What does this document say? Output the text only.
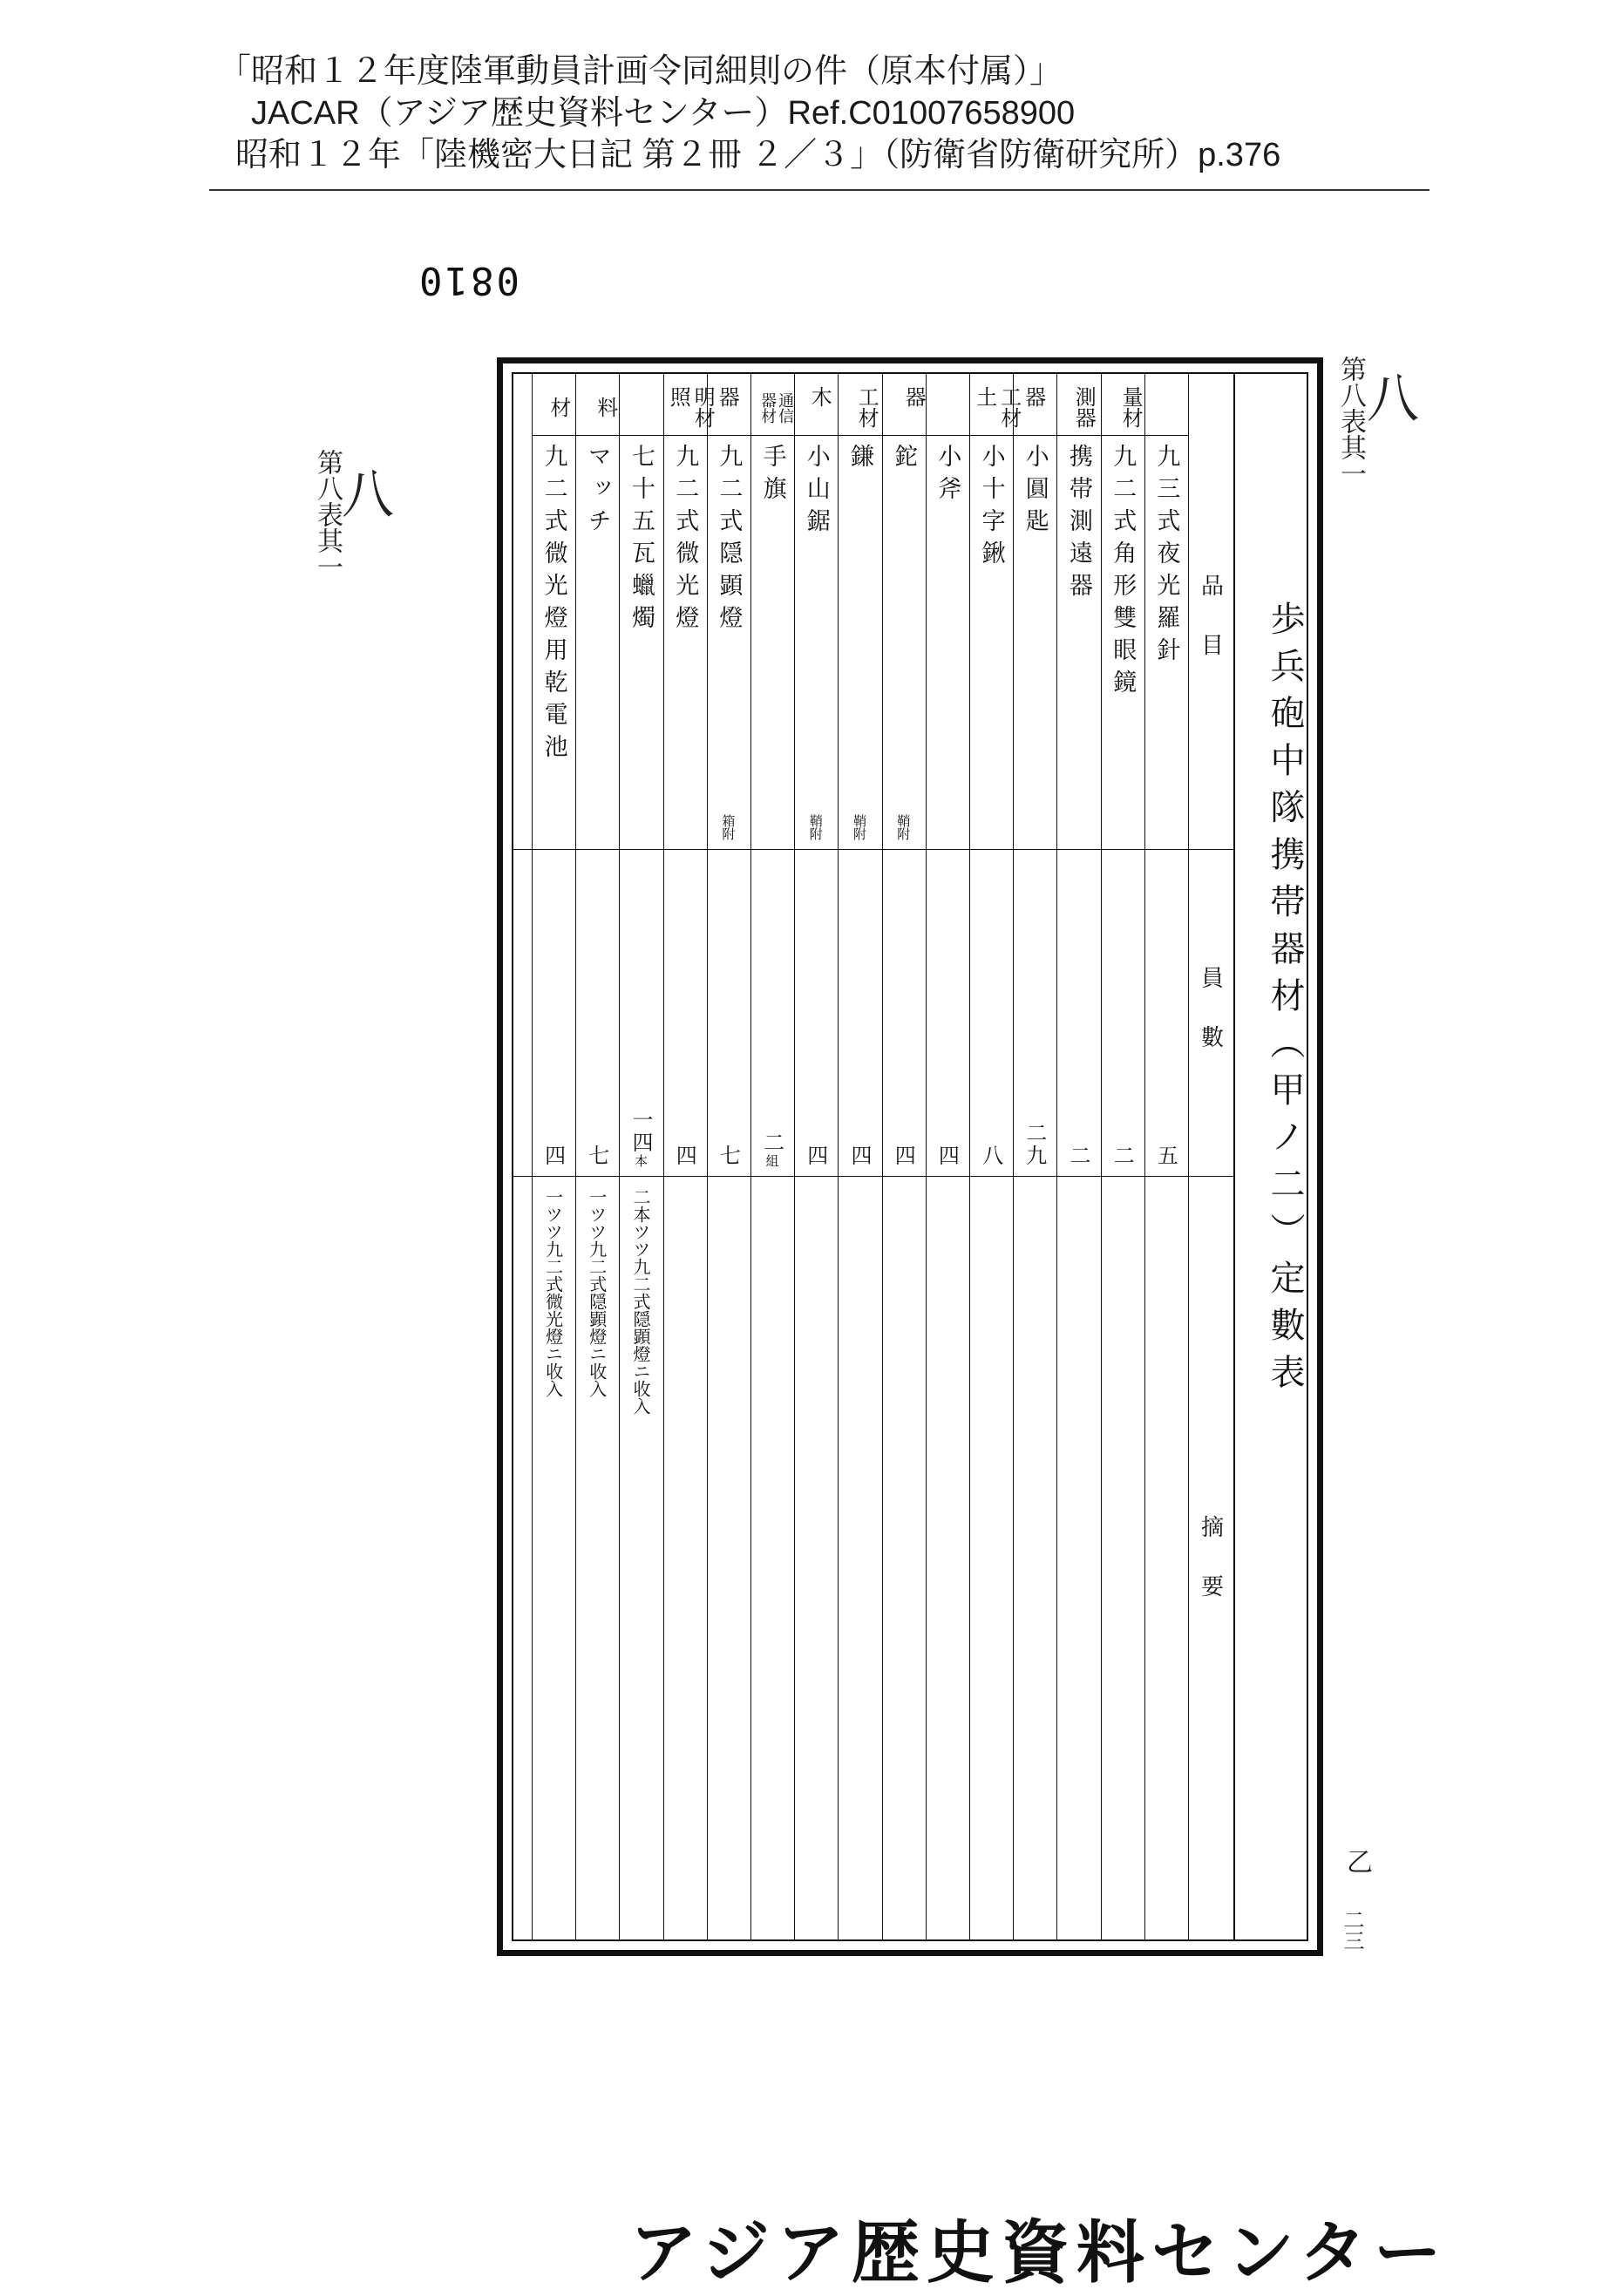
「昭和１２年度陸軍動員計画令同細則の件（原本付属）」
JACAR（アジア歴史資料センター）Ref.C01007658900
昭和１２年「陸機密大日記 第２冊 ２／３」（防衛省防衛研究所）p.376
0810
第八表其一 八
第八表其一 八
乙
二三
歩兵砲中隊携帯器材（甲ノ二）定數表
品　目
員　數
摘　要
九三式夜光羅針
五
九二式角形雙眼鏡
二
携帯測遠器
二
小圓匙
二九
小十字鍬
八
小斧
四
鉈
鞘附
四
鎌
鞘附
四
小山鋸
鞘附
四
手旗
二
組
九二式隠顕燈
箱附
七
九二式微光燈
四
七十五瓦蠟燭
一四
本
二本ツツ九二式隠顕燈ニ收入
マッチ
七
一ツツ九二式隠顕燈ニ收入
九二式微光燈用乾電池
四
一ツツ九二式微光燈ニ收入
測量器材
土工器材
木工器材
通信器材
照明器材
材料
アジア歴史資料センター
